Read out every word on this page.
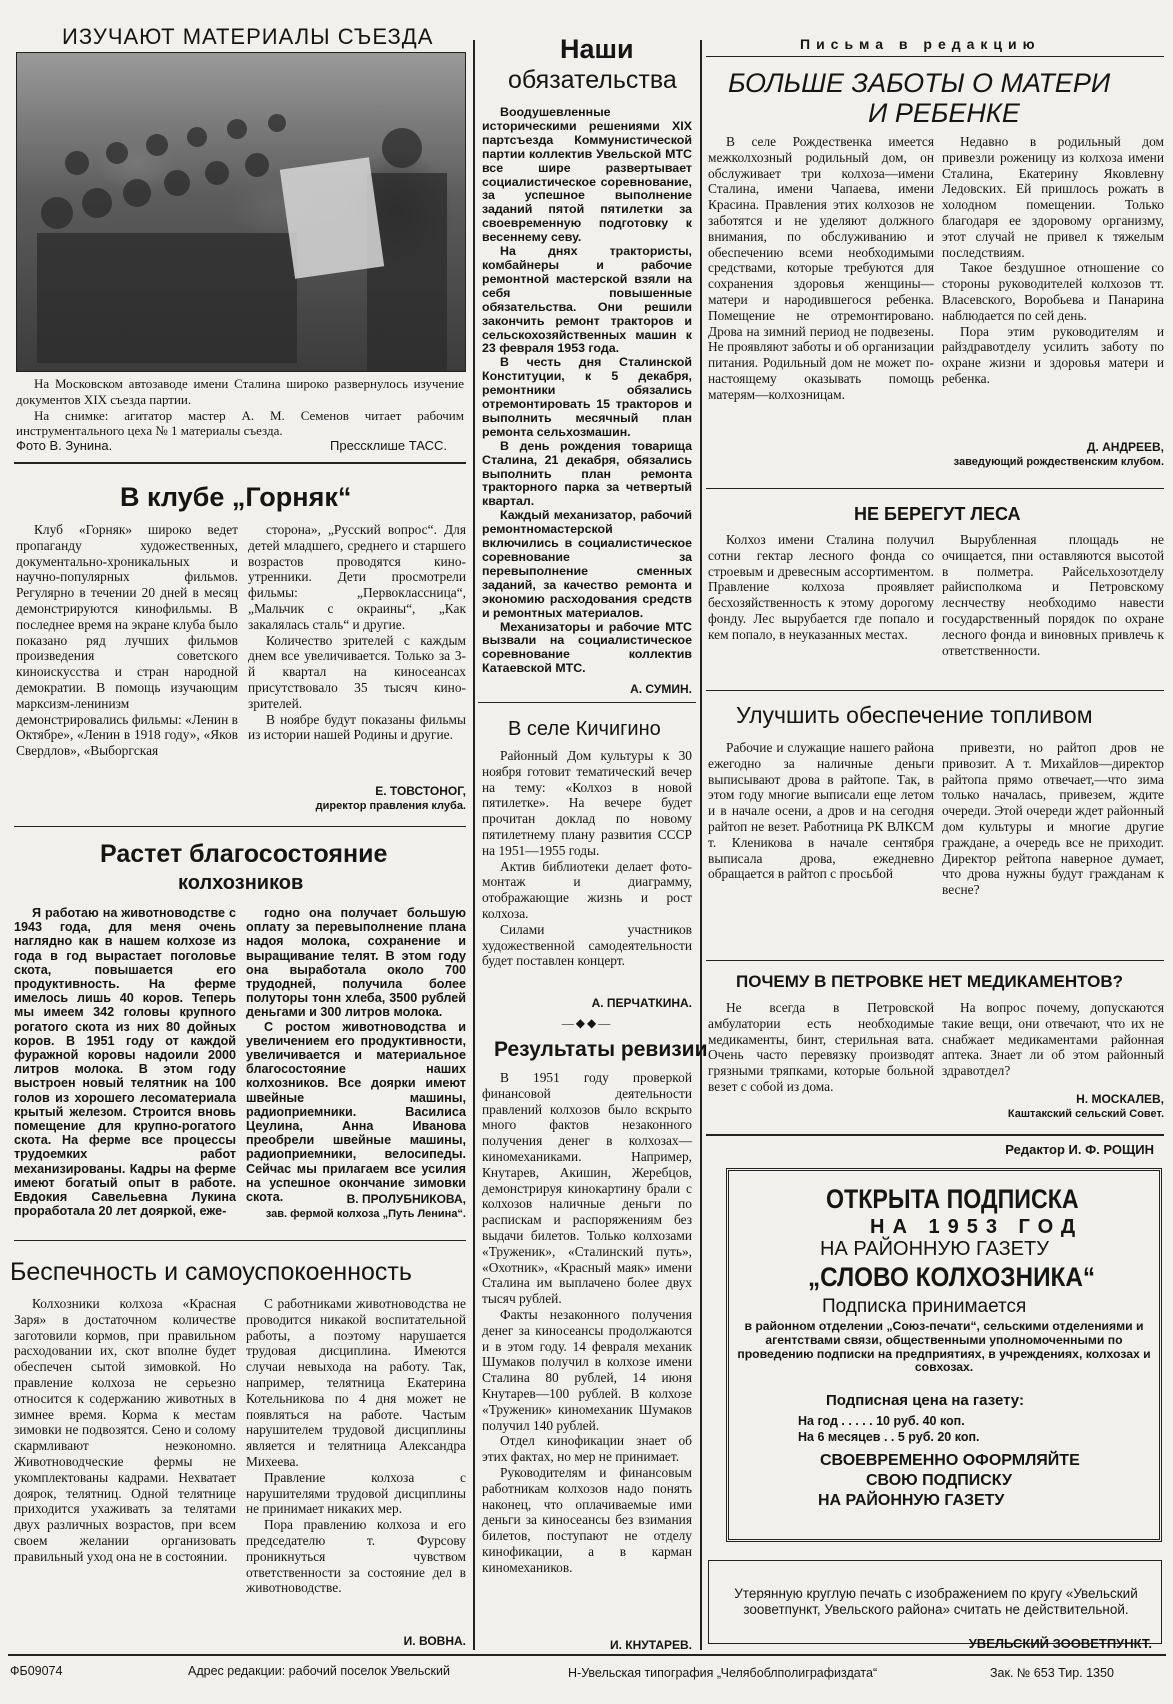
ИЗУЧАЮТ МАТЕРИАЛЫ СЪЕЗДА

На Московском автозаводе имени Сталина широко развернулось изучение документов XIX съезда партии.

На снимке: агитатор мастер А. М. Семенов читает рабочим инструментального цеха № 1 материалы съезда.

Фото В. Зунина.	Прессклише ТАСС.
В клубе „Горняк“

Клуб «Горняк» широко ведет пропаганду художественных, документально-хроникальных и научно-популярных фильмов. Регулярно в течении 20 дней в месяц демонстрируются кинофильмы. В последнее время на экране клуба было показано ряд лучших фильмов произведения советского киноискусства и стран народной демократии. В помощь изучающим марксизм-ленинизм демонстрировались фильмы: «Ленин в Октябре», «Ленин в 1918 году», «Яков Свердлов», «Выборгская

сторона», „Русский вопрос“. Для детей младшего, среднего и старшего возрастов проводятся кино-утренники. Дети просмотрели фильмы: „Первоклассница“, „Мальчик с окраины“, „Как закалялась сталь“ и другие.

Количество зрителей с каждым днем все увеличивается. Только за 3-й квартал на киносеансах присутствовало 35 тысяч кино-зрителей.

В ноябре будут показаны фильмы из истории нашей Родины и другие.

Е. ТОВСТОНОГ,
директор правления клуба.
Растет благосостояние
колхозников

Я работаю на животноводстве с 1943 года, для меня очень наглядно как в нашем колхозе из года в год вырастает поголовье скота, повышается его продуктивность. На ферме имелось лишь 40 коров. Теперь мы имеем 342 головы крупного рогатого скота из них 80 дойных коров. В 1951 году от каждой фуражной коровы надоили 2000 литров молока. В этом году выстроен новый телятник на 100 голов из хорошего лесоматериала крытый железом. Строится вновь помещение для крупно-рогатого скота. На ферме все процессы трудоемких работ механизированы. Кадры на ферме имеют богатый опыт в работе. Евдокия Савельевна Лукина проработала 20 лет дояркой, еже-

годно она получает большую оплату за перевыполнение плана надоя молока, сохранение и выращивание телят. В этом году она выработала около 700 трудодней, получила более полуторы тонн хлеба, 3500 рублей деньгами и 300 литров молока.

С ростом животноводства и увеличением его продуктивности, увеличивается и материальное благосостояние наших колхозников. Все доярки имеют швейные машины, радиоприемники. Василиса Цеулина, Анна Иванова преобрели швейные машины, радиоприемники, велосипеды. Сейчас мы прилагаем все усилия на успешное окончание зимовки скота.	В. ПРОЛУБНИКОВА,
зав. фермой колхоза „Путь Ленина“.
Беспечность и самоуспокоенность

Колхозники колхоза «Красная Заря» в достаточном количестве заготовили кормов, при правильном расходовании их, скот вполне будет обеспечен сытой зимовкой. Но правление колхоза не серьезно относится к содержанию животных в зимнее время. Корма к местам зимовки не подвозятся. Сено и солому скармливают неэкономно. Животноводческие фермы не укомплектованы кадрами. Нехватает доярок, телятниц. Одной телятнице приходится ухаживать за телятами двух различных возрастов, при всем своем желании организовать правильный уход она не в состоянии.

С работниками животноводства не проводится никакой воспитательной работы, а поэтому нарушается трудовая дисциплина. Имеются случаи невыхода на работу. Так, например, телятница Екатерина Котельникова по 4 дня может не появляться на работе. Частым нарушителем трудовой дисциплины является и телятница Александра Михеева.

Правление колхоза с нарушителями трудовой дисциплины не принимает никаких мер.

Пора правлению колхоза и его председателю т. Фурсову проникнуться чувством ответственности за состояние дел в животноводстве.

И. ВОВНА.
Наши
обязательства

Воодушевленные историческими решениями XIX партсъезда Коммунистической партии коллектив Увельской МТС все шире развертывает социалистическое соревнование, за успешное выполнение заданий пятой пятилетки за своевременную подготовку к весеннему севу.

На днях трактористы, комбайнеры и рабочие ремонтной мастерской взяли на себя повышенные обязательства. Они решили закончить ремонт тракторов и сельскохозяйственных машин к 23 февраля 1953 года.

В честь дня Сталинской Конституции, к 5 декабря, ремонтники обязались отремонтировать 15 тракторов и выполнить месячный план ремонта сельхозмашин.

В день рождения товарища Сталина, 21 декабря, обязались выполнить план ремонта тракторного парка за четвертый квартал.

Каждый механизатор, рабочий ремонтномастерской включились в социалистическое соревнование за перевыполнение сменных заданий, за качество ремонта и экономию расходования средств и ремонтных материалов.

Механизаторы и рабочие МТС вызвали на социалистическое соревнование коллектив Катаевской МТС.

А. СУМИН.
В селе Кичигино

Районный Дом культуры к 30 ноября готовит тематический вечер на тему: «Колхоз в новой пятилетке». На вечере будет прочитан доклад по новому пятилетнему плану развития СССР на 1951—1955 годы.

Актив библиотеки делает фото-монтаж и диаграмму, отображающие жизнь и рост колхоза.

Силами участников художественной самодеятельности будет поставлен концерт.

А. ПЕРЧАТКИНА.
—◆◆—
Результаты ревизии

В 1951 году проверкой финансовой деятельности правлений колхозов было вскрыто много фактов незаконного получения денег в колхозах—киномеханиками. Например, Кнутарев, Акишин, Жеребцов, демонстрируя кинокартину брали с колхозов наличные деньги по распискам и распоряжениям без выдачи билетов. Только колхозами «Труженик», «Сталинский путь», «Охотник», «Красный маяк» имени Сталина им выплачено более двух тысяч рублей.

Факты незаконного получения денег за киносеансы продолжаются и в этом году. 14 февраля механик Шумаков получил в колхозе имени Сталина 80 рублей, 14 июня Кнутарев—100 рублей. В колхозе «Труженик» киномеханик Шумаков получил 140 рублей.

Отдел кинофикации знает об этих фактах, но мер не принимает.

Руководителям и финансовым работникам колхозов надо понять наконец, что оплачиваемые ими деньги за киносеансы без взимания билетов, поступают не отделу кинофикации, а в карман киномехаников.

И. КНУТАРЕВ.
Письма в редакцию
БОЛЬШЕ ЗАБОТЫ О МАТЕРИ
И РЕБЕНКЕ

В селе Рождественка имеется межколхозный родильный дом, он обслуживает три колхоза—имени Сталина, имени Чапаева, имени Красина. Правления этих колхозов не заботятся и не уделяют должного внимания, по обслуживанию и обеспечению всеми необходимыми средствами, которые требуются для сохранения здоровья женщины—матери и народившегося ребенка. Помещение не отремонтировано. Дрова на зимний период не подвезены. Не проявляют заботы и об организации питания. Родильный дом не может по-настоящему оказывать помощь матерям—колхозницам.

Недавно в родильный дом привезли роженицу из колхоза имени Сталина, Екатерину Яковлевну Ледовских. Ей пришлось рожать в холодном помещении. Только благодаря ее здоровому организму, этот случай не привел к тяжелым последствиям.

Такое бездушное отношение со стороны руководителей колхозов тт. Власевского, Воробьева и Панарина наблюдается по сей день.

Пора этим руководителям и райздравотделу усилить заботу по охране жизни и здоровья матери и ребенка.

Д. АНДРЕЕВ,
заведующий рождественским клубом.
НЕ БЕРЕГУТ ЛЕСА

Колхоз имени Сталина получил сотни гектар лесного фонда со строевым и древесным ассортиментом. Правление колхоза проявляет бесхозяйственность к этому дорогому фонду. Лес вырубается где попало и кем попало, в неуказанных местах.

Вырубленная площадь не очищается, пни оставляются высотой в полметра. Райсельхозотделу райисполкома и Петровскому леснчеству необходимо навести государственный порядок по охране лесного фонда и виновных привлечь к ответственности.

Улучшить обеспечение топливом

Рабочие и служащие нашего района ежегодно за наличные деньги выписывают дрова в райтопе. Так, в этом году многие выписали еще летом и в начале осени, а дров и на сегодня райтоп не везет. Работница РК ВЛКСМ т. Кленикова в начале сентября выписала дрова, ежедневно обращается в райтоп с просьбой

привезти, но райтоп дров не привозит. А т. Михайлов—директор райтопа прямо отвечает,—что зима только началась, привезем, ждите очереди. Этой очереди ждет районный дом культуры и многие другие граждане, а очередь все не приходит. Директор рейтопа наверное думает, что дрова нужны будут гражданам к весне?

ПОЧЕМУ В ПЕТРОВКЕ НЕТ МЕДИКАМЕНТОВ?

Не всегда в Петровской амбулатории есть необходимые медикаменты, бинт, стерильная вата. Очень часто перевязку производят грязными тряпками, которые больной везет с собой из дома.

На вопрос почему, допускаются такие вещи, они отвечают, что их не снабжает медикаментами районная аптека. Знает ли об этом районный здравотдел?

Н. МОСКАЛЕВ,
Каштакский сельский Совет.
Редактор И. Ф. РОЩИН
ОТКРЫТА ПОДПИСКА
НА 1953 ГОД
НА РАЙОННУЮ ГАЗЕТУ
„СЛОВО КОЛХОЗНИКА“
Подписка принимается
в районном отделении „Союз-печати“, сельскими отделениями и агентствами связи, общественными уполномоченными по проведению подписки на предприятиях, в учреждениях, колхозах и совхозах.
Подписная цена на газету:
На год . . . . . 10 руб. 40 коп.
На 6 месяцев . . 5 руб. 20 коп.
СВОЕВРЕМЕННО ОФОРМЛЯЙТЕ
СВОЮ ПОДПИСКУ
НА РАЙОННУЮ ГАЗЕТУ
Утерянную круглую печать с изображением по кругу «Увельский зооветпункт, Увельского района» считать не действительной.
УВЕЛЬСКИЙ ЗООВЕТПУНКТ.
ФБ09074	Адрес редакции: рабочий поселок Увельский	Н-Увельская типография „Челябоблполиграфиздата“	Зак. № 653 Тир. 1350
